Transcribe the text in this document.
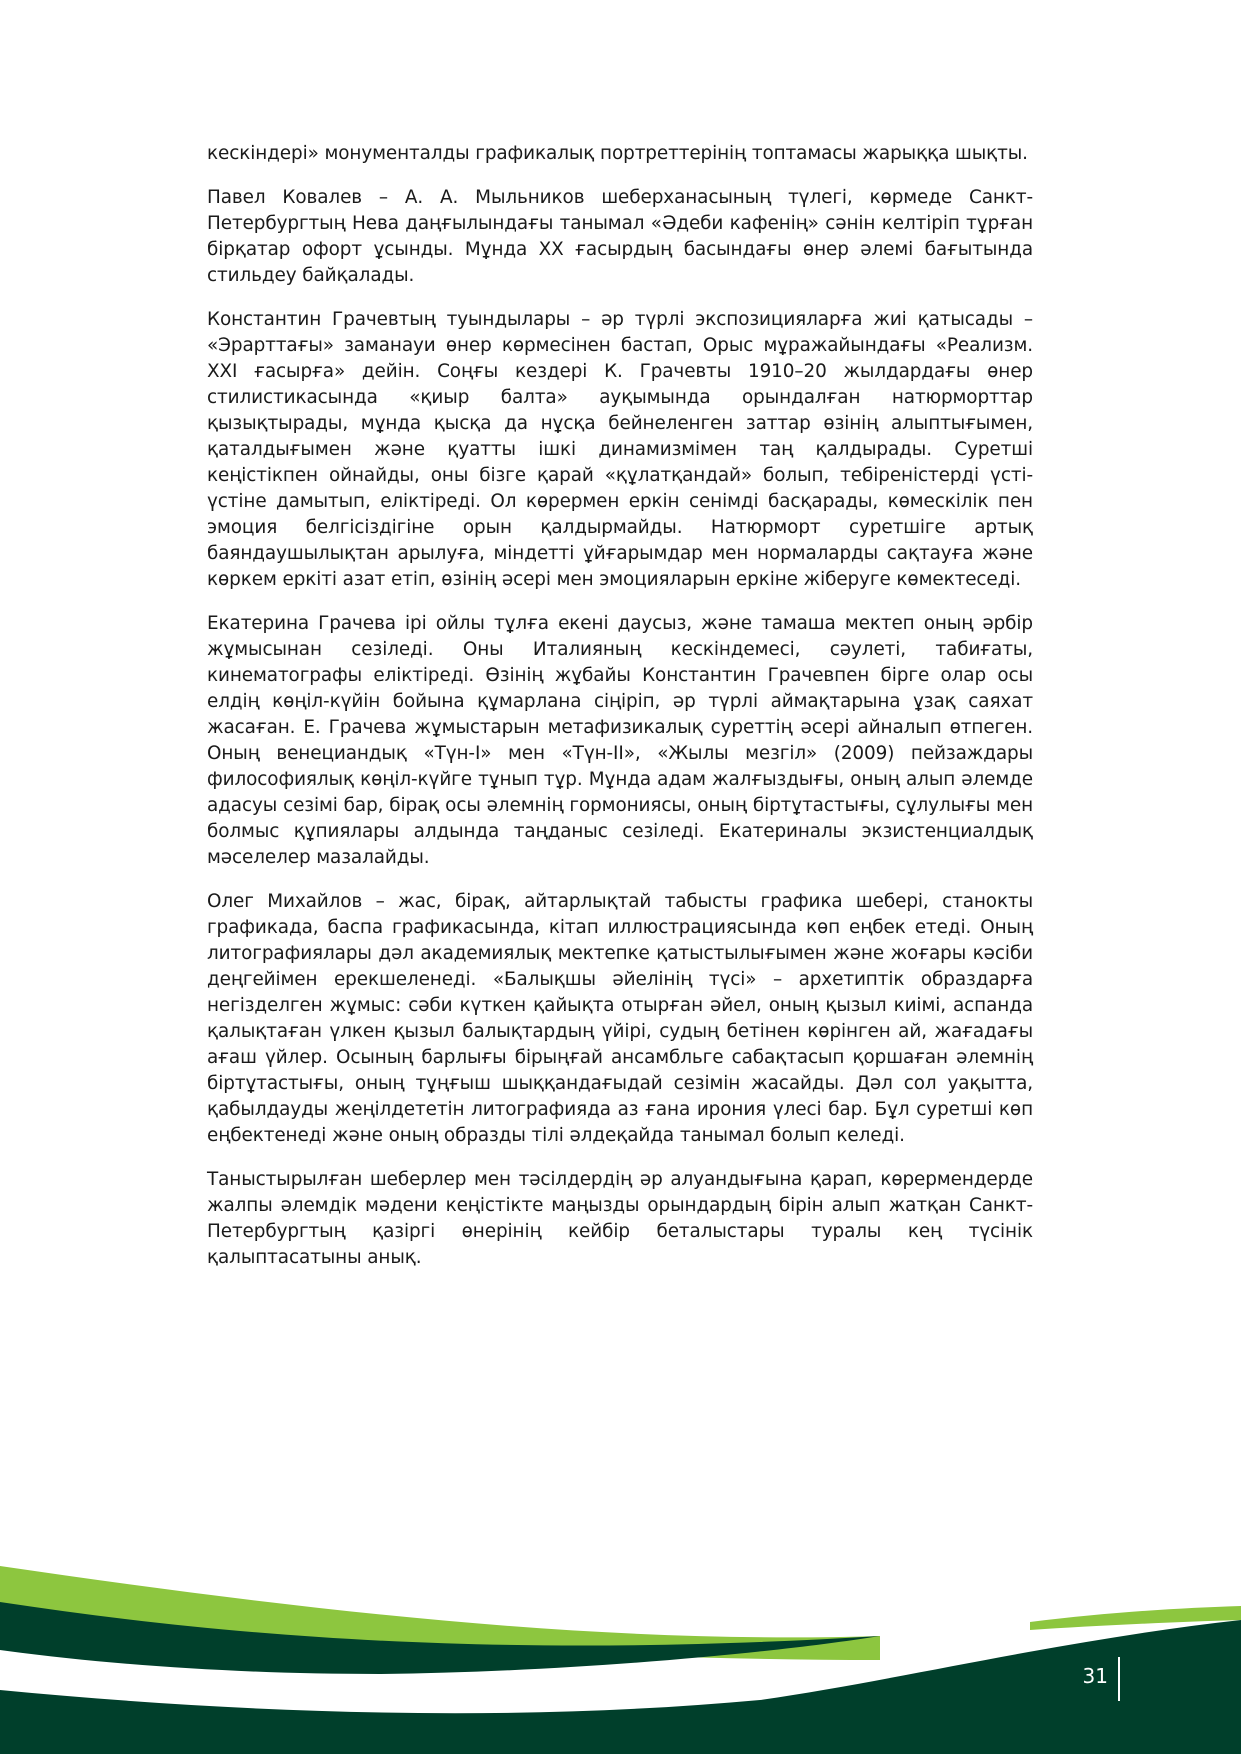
кескіндері» монументалды графикалық портреттерінің топтамасы жарыққа шықты.

Павел Ковалев – А. А. Мыльников шеберханасының түлегі, көрмеде Санкт-Петербургтың Нева даңғылындағы танымал «Әдеби кафенің» сәнін келтіріп тұрған бірқатар офорт ұсынды. Мұнда XX ғасырдың басындағы өнер әлемі бағытында стильдеу байқалады.

Константин Грачевтың туындылары – әр түрлі экспозицияларға жиі қатысады – «Эрарттағы» заманауи өнер көрмесінен бастап, Орыс мұражайындағы «Реализм. XXI ғасырға» дейін. Соңғы кездері К. Грачевты 1910–20 жылдардағы өнер стилистикасында «қиыр балта» ауқымында орындалған натюрморттар қызықтырады, мұнда қысқа да нұсқа бейнеленген заттар өзінің алыптығымен, қаталдығымен және қуатты ішкі динамизмімен таң қалдырады. Суретші кеңістікпен ойнайды, оны бізге қарай «құлатқандай» болып, тебіреністерді үсті-үстіне дамытып, еліктіреді. Ол көрермен еркін сенімді басқарады, көмескілік пен эмоция белгісіздігіне орын қалдырмайды. Натюрморт суретшіге артық баяндаушылықтан арылуға, міндетті ұйғарымдар мен нормаларды сақтауға және көркем еркіті азат етіп, өзінің әсері мен эмоцияларын еркіне жіберуге көмектеседі.

Екатерина Грачева ірі ойлы тұлға екені даусыз, және тамаша мектеп оның әрбір жұмысынан сезіледі. Оны Италияның кескіндемесі, сәулеті, табиғаты, кинематографы еліктіреді. Өзінің жұбайы Константин Грачевпен бірге олар осы елдің көңіл-күйін бойына құмарлана сіңіріп, әр түрлі аймақтарына ұзақ саяхат жасаған. Е. Грачева жұмыстарын метафизикалық суреттің әсері айналып өтпеген. Оның венециандық «Түн-I» мен «Түн-II», «Жылы мезгіл» (2009) пейзаждары философиялық көңіл-күйге тұнып тұр. Мұнда адам жалғыздығы, оның алып әлемде адасуы сезімі бар, бірақ осы әлемнің гормониясы, оның біртұтастығы, сұлулығы мен болмыс құпиялары алдында таңданыс сезіледі. Екатериналы экзистенциалдық мәселелер мазалайды.

Олег Михайлов – жас, бірақ, айтарлықтай табысты графика шебері, станокты графикада, баспа графикасында, кітап иллюстрациясында көп еңбек етеді. Оның литографиялары дәл академиялық мектепке қатыстылығымен және жоғары кәсіби деңгейімен ерекшеленеді. «Балықшы әйелінің түсі» – архетиптік образдарға негізделген жұмыс: сәби күткен қайықта отырған әйел, оның қызыл киімі, аспанда қалықтаған үлкен қызыл балықтардың үйірі, судың бетінен көрінген ай, жағадағы ағаш үйлер. Осының барлығы бірыңғай ансамбльге сабақтасып қоршаған әлемнің біртұтастығы, оның тұңғыш шыққандағыдай сезімін жасайды. Дәл сол уақытта, қабылдауды жеңілдететін литографияда аз ғана ирония үлесі бар. Бұл суретші көп еңбектенеді және оның образды тілі әлдеқайда танымал болып келеді.

Таныстырылған шеберлер мен тәсілдердің әр алуандығына қарап, көрермендерде жалпы әлемдік мәдени кеңістікте маңызды орындардың бірін алып жатқан Санкт-Петербургтың қазіргі өнерінің кейбір беталыстары туралы кең түсінік қалыптасатыны анық.

31
